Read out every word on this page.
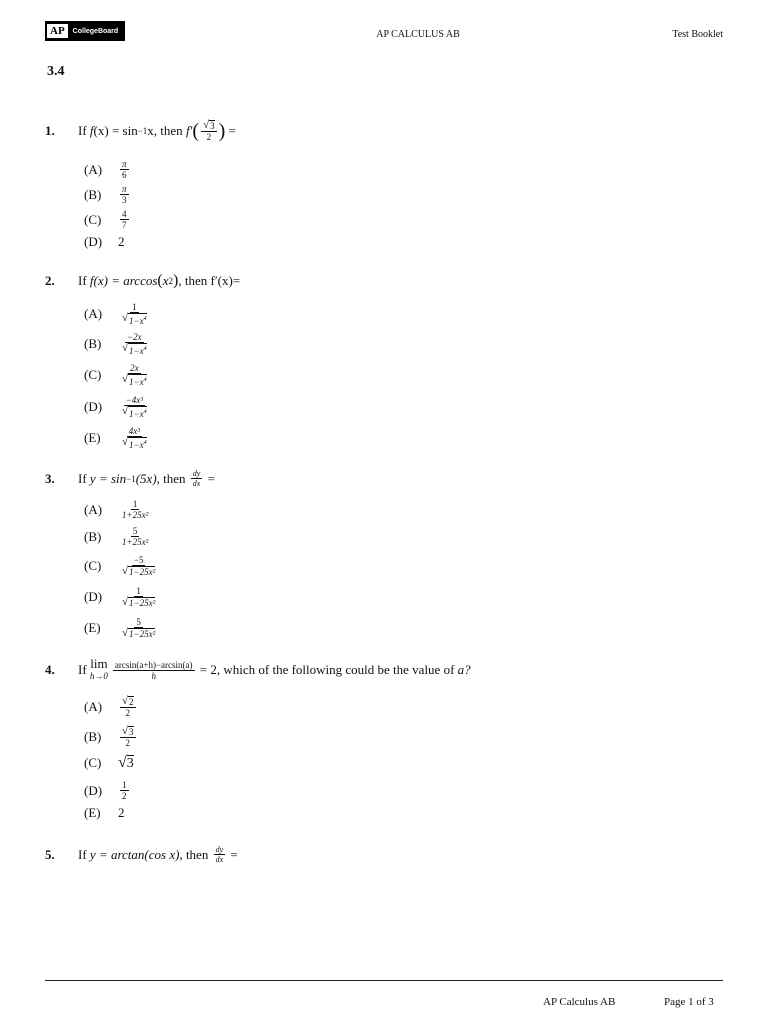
AP	CollegeBoard	AP CALCULUS AB	Test Booklet
3.4
1.	If
f (x) = sin −1 x, then
f′ ( $\frac{√ 3}{2}$ )
=
(A)	$\frac{\pi}{6}$
(B)	$\frac{\pi}{3}$
(C)	$\frac{4}{7}$
(D)	2
2.	If
f(x) = arccos ( x 2 ) , then f′(x)=
(A)	$\frac{1}{√ 1-x^4}$
(B)	$\frac{-2x}{√ 1-x^4}$
(C)	$\frac{2x}{√ 1-x^4}$
(D)	$\frac{\text{−4x³}}{√ 1-x^4}$
(E)	$\frac{\text{4x³}}{√ 1-x^4}$
3.	If
y = sin −1 (5x) , then
$\frac{dy}{dx}$
=
(A)	$\frac{1}{\text{1+25x²}}$
(B)	$\frac{5}{\text{1+25x²}}$
(C)	$\frac{-5}{\text{√ 1−25x²}}$
(D)	$\frac{1}{\text{√ 1−25x²}}$
(E)	$\frac{5}{\text{√ 1−25x²}}$
4.	If
lim
$h\to 0 \frac{\arcsin(a+h)-\arcsin(a)}{h}$
= 2, which of the following could be the value of
a?
(A)	$\frac{√ 2}{2}$
(B)	$\frac{√ 3}{2}$
(C)	√ 3
(D)	$\frac{1}{2}$
(E)	2
5.	If
y = arctan(cos x) , then
$\frac{dy}{dx}$
=
AP Calculus AB	Page 1 of 3
